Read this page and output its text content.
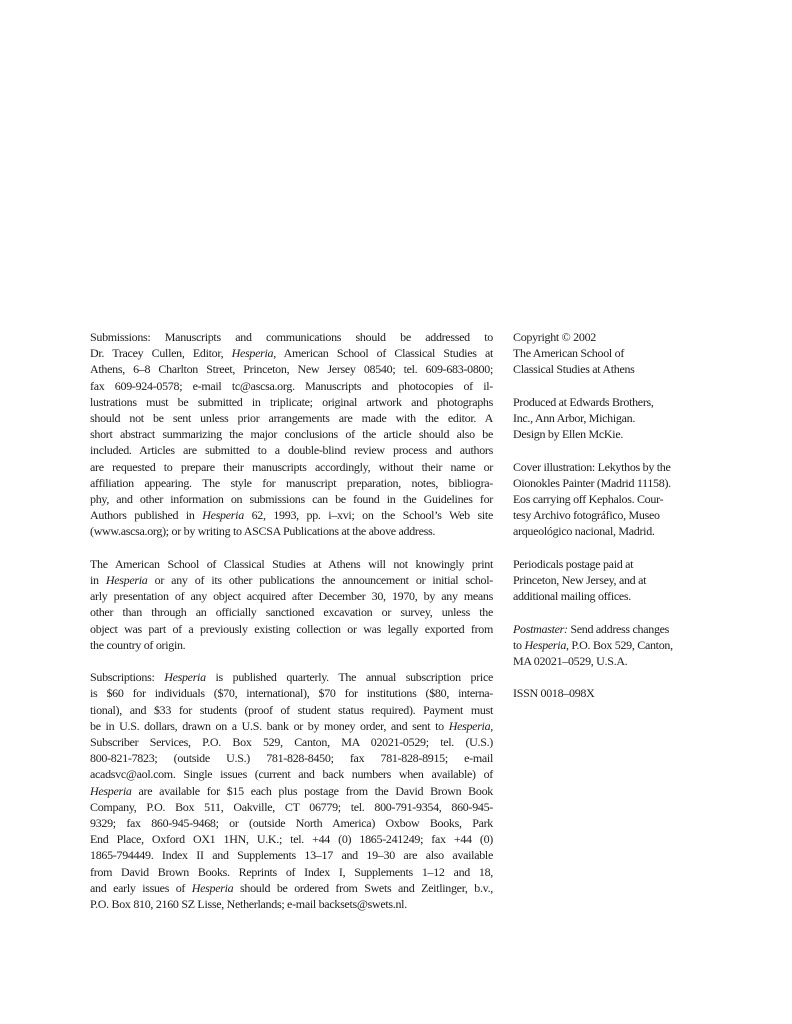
Submissions: Manuscripts and communications should be addressed to
Dr. Tracey Cullen, Editor, Hesperia, American School of Classical Studies at
Athens, 6–8 Charlton Street, Princeton, New Jersey 08540; tel. 609-683-0800;
fax 609-924-0578; e-mail tc@ascsa.org. Manuscripts and photocopies of il-
lustrations must be submitted in triplicate; original artwork and photographs
should not be sent unless prior arrangements are made with the editor. A
short abstract summarizing the major conclusions of the article should also be
included. Articles are submitted to a double-blind review process and authors
are requested to prepare their manuscripts accordingly, without their name or
affiliation appearing. The style for manuscript preparation, notes, bibliogra-
phy, and other information on submissions can be found in the Guidelines for
Authors published in Hesperia 62, 1993, pp. i–xvi; on the School’s Web site
(www.ascsa.org); or by writing to ASCSA Publications at the above address.
The American School of Classical Studies at Athens will not knowingly print
in Hesperia or any of its other publications the announcement or initial schol-
arly presentation of any object acquired after December 30, 1970, by any means
other than through an officially sanctioned excavation or survey, unless the
object was part of a previously existing collection or was legally exported from
the country of origin.
Subscriptions: Hesperia is published quarterly. The annual subscription price
is $60 for individuals ($70, international), $70 for institutions ($80, interna-
tional), and $33 for students (proof of student status required). Payment must
be in U.S. dollars, drawn on a U.S. bank or by money order, and sent to Hesperia,
Subscriber Services, P.O. Box 529, Canton, MA 02021-0529; tel. (U.S.)
800-821-7823; (outside U.S.) 781-828-8450; fax 781-828-8915; e-mail
acadsvc@aol.com. Single issues (current and back numbers when available) of
Hesperia are available for $15 each plus postage from the David Brown Book
Company, P.O. Box 511, Oakville, CT 06779; tel. 800-791-9354, 860-945-
9329; fax 860-945-9468; or (outside North America) Oxbow Books, Park
End Place, Oxford OX1 1HN, U.K.; tel. +44 (0) 1865-241249; fax +44 (0)
1865-794449. Index II and Supplements 13–17 and 19–30 are also available
from David Brown Books. Reprints of Index I, Supplements 1–12 and 18,
and early issues of Hesperia should be ordered from Swets and Zeitlinger, b.v.,
P.O. Box 810, 2160 SZ Lisse, Netherlands; e-mail backsets@swets.nl.
Copyright © 2002
The American School of
Classical Studies at Athens
Produced at Edwards Brothers,
Inc., Ann Arbor, Michigan.
Design by Ellen McKie.
Cover illustration: Lekythos by the
Oionokles Painter (Madrid 11158).
Eos carrying off Kephalos. Cour-
tesy Archivo fotográfico, Museo
arqueológico nacional, Madrid.
Periodicals postage paid at
Princeton, New Jersey, and at
additional mailing offices.
Postmaster: Send address changes
to Hesperia, P.O. Box 529, Canton,
MA 02021–0529, U.S.A.
ISSN 0018–098X
